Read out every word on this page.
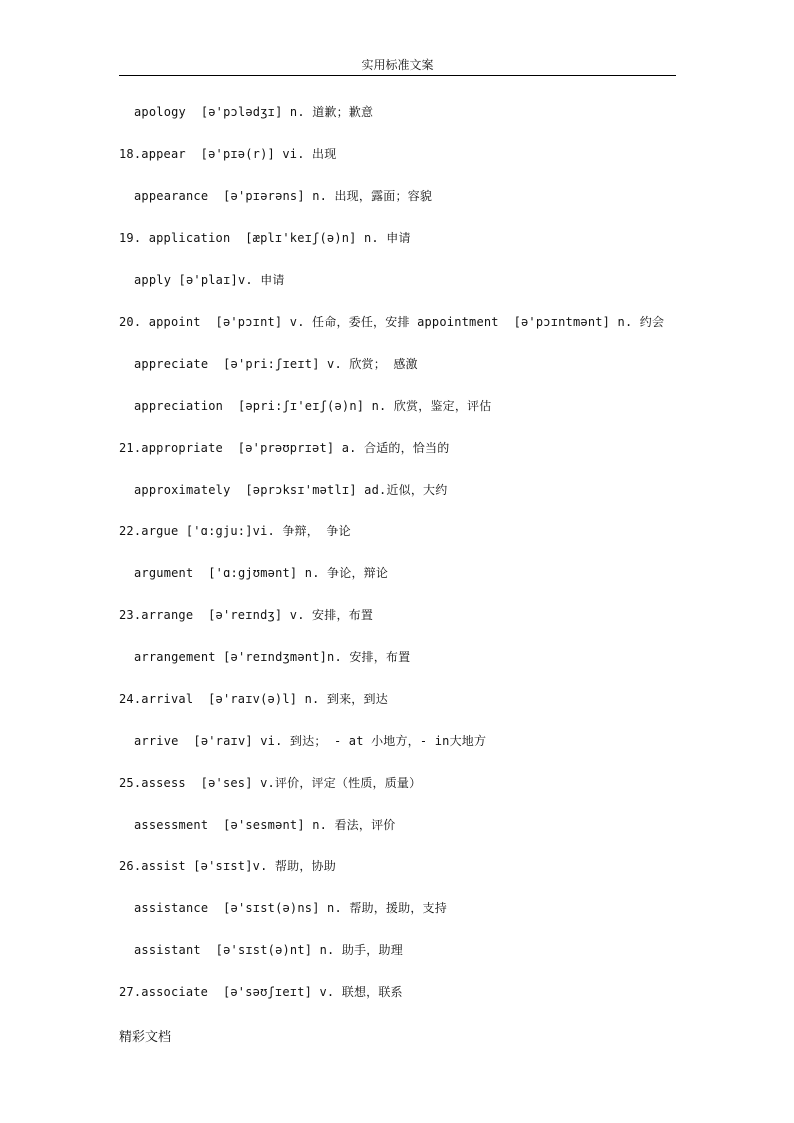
实用标准文案
apology  [ə'pɔlədʒɪ] n. 道歉；歉意
18.appear  [ə'pɪə(r)] vi. 出现
appearance  [ə'pɪərəns] n. 出现，露面；容貌
19. application  [æplɪ'keɪʃ(ə)n] n. 申请
apply [ə'plaɪ]v. 申请
20. appoint  [ə'pɔɪnt] v. 任命，委任，安排 appointment  [ə'pɔɪntmənt] n. 约会
appreciate  [ə'pri:ʃɪeɪt] v. 欣赏； 感激
appreciation  [əpri:ʃɪ'eɪʃ(ə)n] n. 欣赏，鉴定，评估
21.appropriate  [ə'prəʊprɪət] a. 合适的，恰当的
approximately  [əprɔksɪ'mətlɪ] ad.近似，大约
22.argue ['ɑ:gju:]vi. 争辩， 争论
argument  ['ɑ:gjʊmənt] n. 争论，辩论
23.arrange  [ə'reɪndʒ] v. 安排，布置
arrangement [ə'reɪndʒmənt]n. 安排，布置
24.arrival  [ə'raɪv(ə)l] n. 到来，到达
arrive  [ə'raɪv] vi. 到达； - at 小地方，- in大地方
25.assess  [ə'ses] v.评价，评定（性质，质量）
assessment  [ə'sesmənt] n. 看法，评价
26.assist [ə'sɪst]v. 帮助，协助
assistance  [ə'sɪst(ə)ns] n. 帮助，援助，支持
assistant  [ə'sɪst(ə)nt] n. 助手，助理
27.associate  [ə'səʊʃɪeɪt] v. 联想，联系
精彩文档
